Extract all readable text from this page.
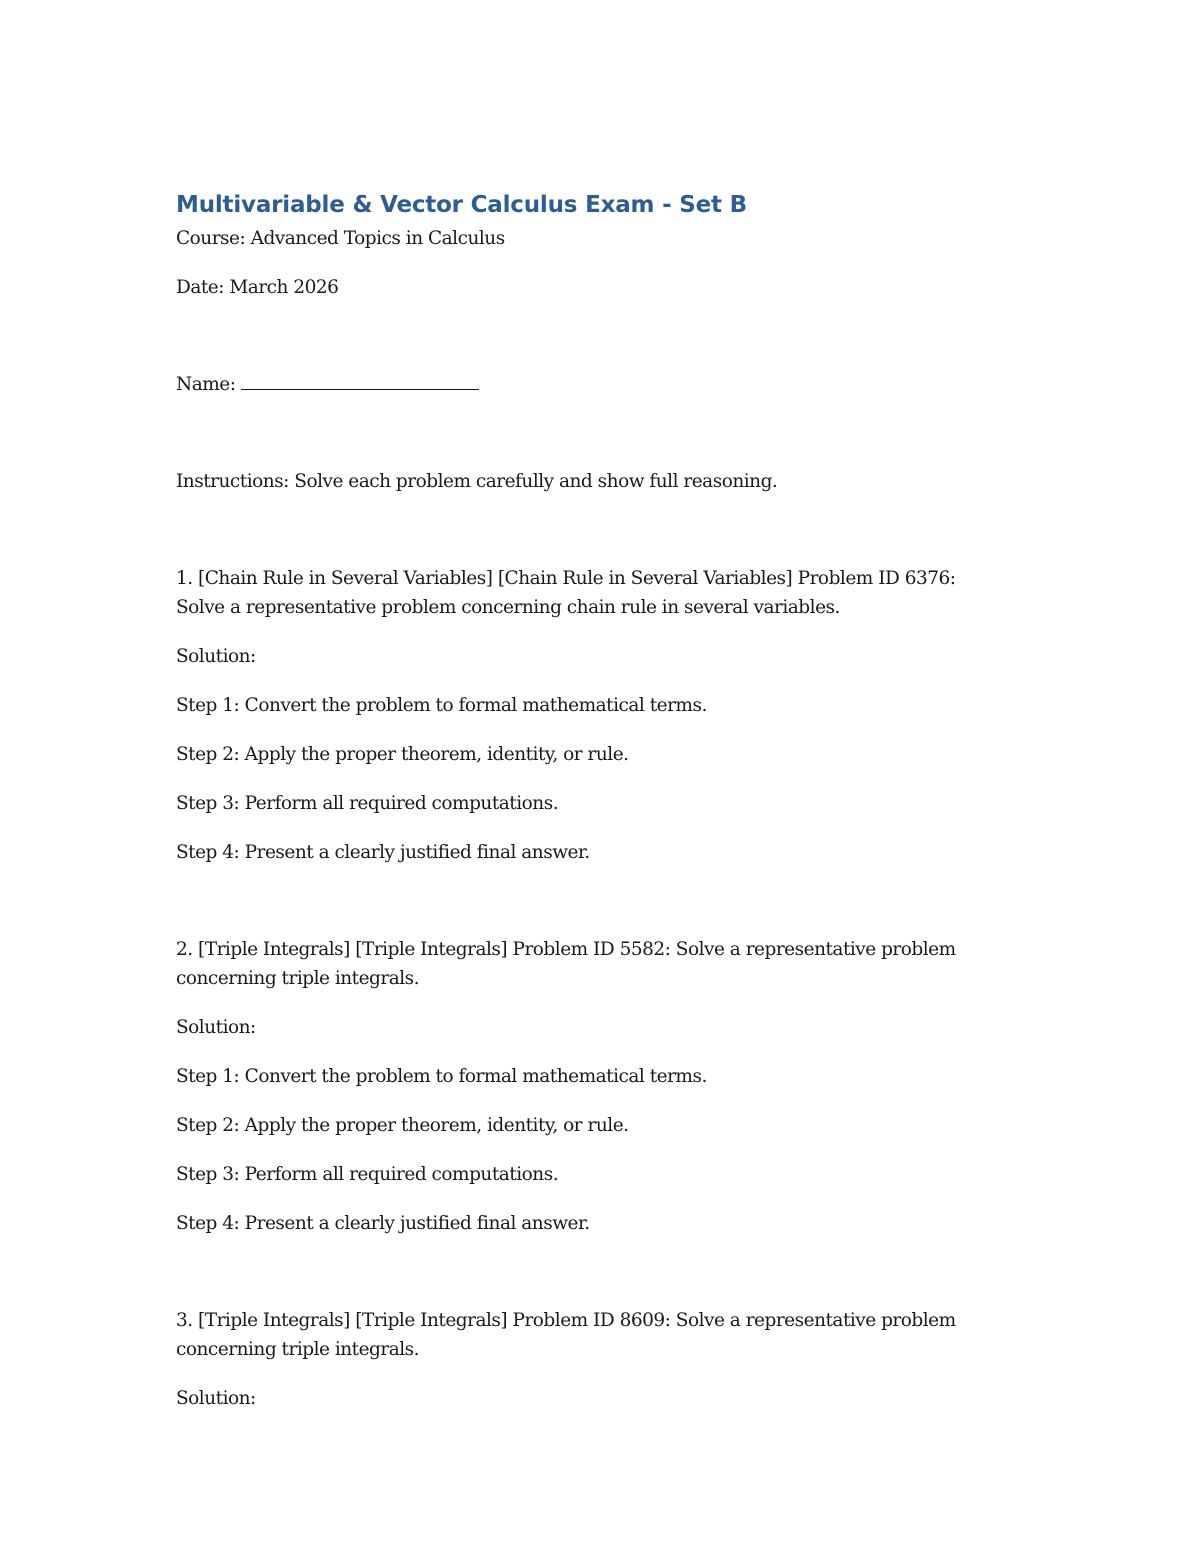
Multivariable & Vector Calculus Exam - Set B

Course: Advanced Topics in Calculus

Date: March 2026

Name:

Instructions: Solve each problem carefully and show full reasoning.

1. [Chain Rule in Several Variables] [Chain Rule in Several Variables] Problem ID 6376:

Solve a representative problem concerning chain rule in several variables.

Solution:

Step 1: Convert the problem to formal mathematical terms.

Step 2: Apply the proper theorem, identity, or rule.

Step 3: Perform all required computations.

Step 4: Present a clearly justified final answer.

2. [Triple Integrals] [Triple Integrals] Problem ID 5582: Solve a representative problem

concerning triple integrals.

Solution:

Step 1: Convert the problem to formal mathematical terms.

Step 2: Apply the proper theorem, identity, or rule.

Step 3: Perform all required computations.

Step 4: Present a clearly justified final answer.

3. [Triple Integrals] [Triple Integrals] Problem ID 8609: Solve a representative problem

concerning triple integrals.

Solution:
